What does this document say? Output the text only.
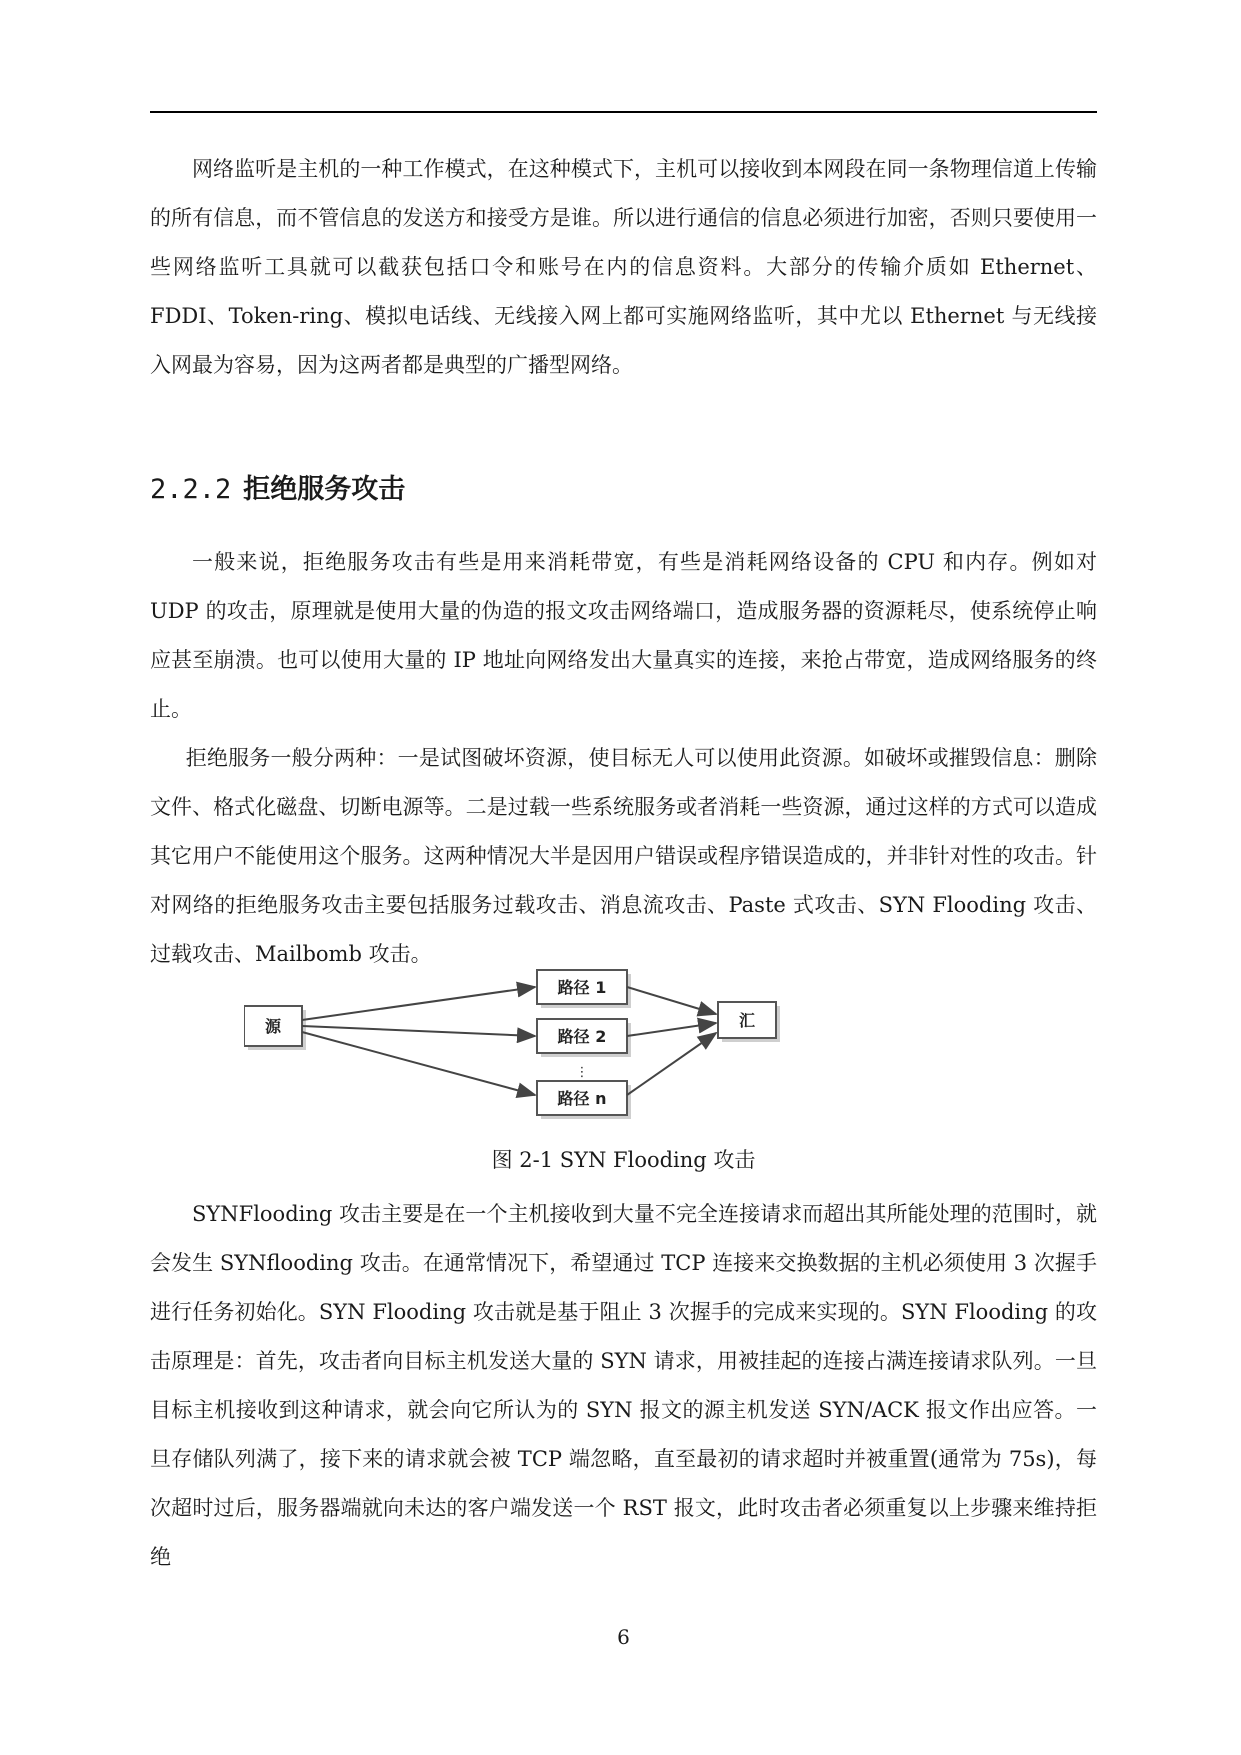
网络监听是主机的一种工作模式，在这种模式下，主机可以接收到本网段在同一条物理信道上传输的所有信息，而不管信息的发送方和接受方是谁。所以进行通信的信息必须进行加密，否则只要使用一些网络监听工具就可以截获包括口令和账号在内的信息资料。大部分的传输介质如 Ethernet、FDDI、Token-ring、模拟电话线、无线接入网上都可实施网络监听，其中尤以 Ethernet 与无线接入网最为容易，因为这两者都是典型的广播型网络。

2.2.2 拒绝服务攻击

一般来说，拒绝服务攻击有些是用来消耗带宽，有些是消耗网络设备的 CPU 和内存。例如对 UDP 的攻击，原理就是使用大量的伪造的报文攻击网络端口，造成服务器的资源耗尽，使系统停止响应甚至崩溃。也可以使用大量的 IP 地址向网络发出大量真实的连接，来抢占带宽，造成网络服务的终止。

拒绝服务一般分两种：一是试图破坏资源，使目标无人可以使用此资源。如破坏或摧毁信息：删除文件、格式化磁盘、切断电源等。二是过载一些系统服务或者消耗一些资源，通过这样的方式可以造成其它用户不能使用这个服务。这两种情况大半是因用户错误或程序错误造成的，并非针对性的攻击。针对网络的拒绝服务攻击主要包括服务过载攻击、消息流攻击、Paste 式攻击、SYN Flooding 攻击、过载攻击、Mailbomb 攻击。

源
路径 1
路径 2
⋮
路径 n
汇
图 2-1 SYN Flooding 攻击

SYNFlooding 攻击主要是在一个主机接收到大量不完全连接请求而超出其所能处理的范围时，就会发生 SYNflooding 攻击。在通常情况下，希望通过 TCP 连接来交换数据的主机必须使用 3 次握手进行任务初始化。SYN Flooding 攻击就是基于阻止 3 次握手的完成来实现的。SYN Flooding 的攻击原理是：首先，攻击者向目标主机发送大量的 SYN 请求，用被挂起的连接占满连接请求队列。一旦目标主机接收到这种请求，就会向它所认为的 SYN 报文的源主机发送 SYN/ACK 报文作出应答。一旦存储队列满了，接下来的请求就会被 TCP 端忽略，直至最初的请求超时并被重置(通常为 75s)，每次超时过后，服务器端就向未达的客户端发送一个 RST 报文，此时攻击者必须重复以上步骤来维持拒绝

6
